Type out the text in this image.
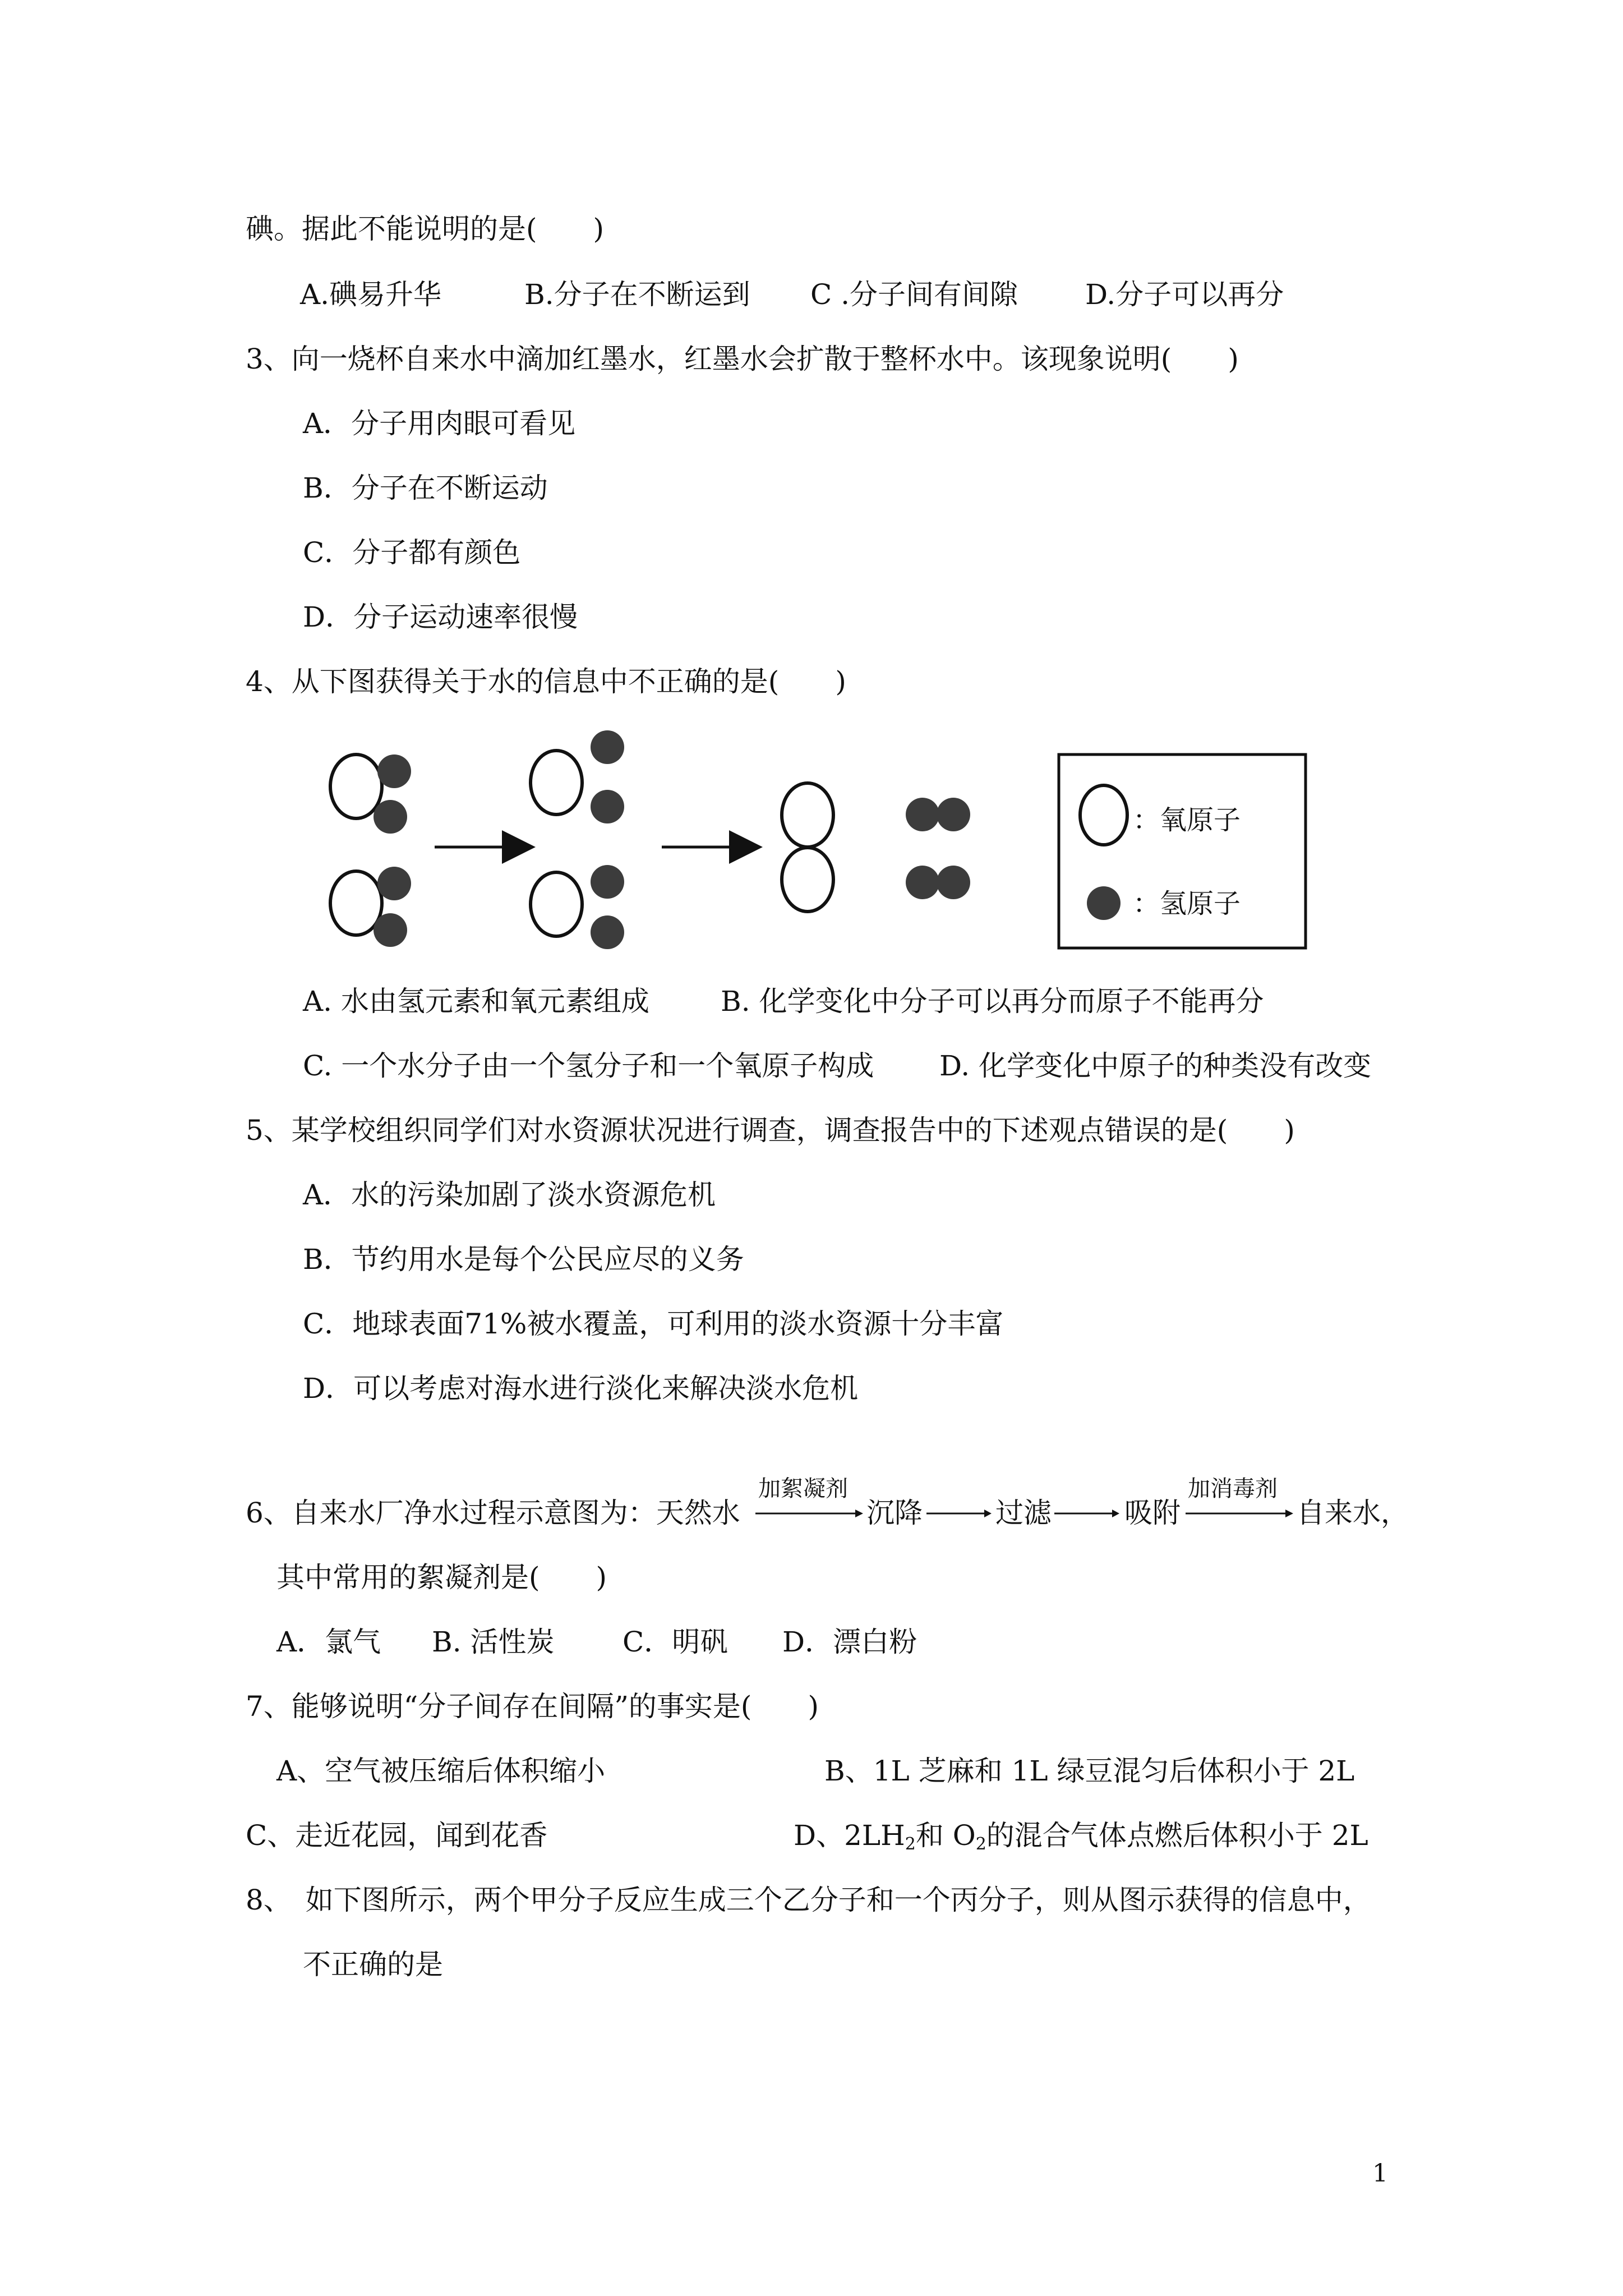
碘。据此不能说明的是(　　)
A.碘易升华	B.分子在不断运到 C .分子间有间隙 D.分子可以再分
3、向一烧杯自来水中滴加红墨水，红墨水会扩散于整杯水中。该现象说明(　　)
A．分子用肉眼可看见
B．分子在不断运动
C．分子都有颜色
D．分子运动速率很慢
4、从下图获得关于水的信息中不正确的是(　　)
：氧原子
：氢原子
A. 水由氢元素和氧元素组成	B. 化学变化中分子可以再分而原子不能再分
C. 一个水分子由一个氢分子和一个氧原子构成 D. 化学变化中原子的种类没有改变
5、某学校组织同学们对水资源状况进行调查，调查报告中的下述观点错误的是(　　)
A．水的污染加剧了淡水资源危机
B．节约用水是每个公民应尽的义务
C．地球表面71%被水覆盖，可利用的淡水资源十分丰富
D．可以考虑对海水进行淡化来解决淡水危机
6、自来水厂净水过程示意图为：天然水
加絮凝剂
沉降	过滤	吸附
加消毒剂
自来水，
其中常用的絮凝剂是(　　)
A．氯气 B. 活性炭 C．明矾 D．漂白粉
7、能够说明“分子间存在间隔”的事实是(　　)
A、空气被压缩后体积缩小	B、1L 芝麻和 1L 绿豆混匀后体积小于 2L
C、走近花园，闻到花香	D、$2LH_2$和 $O_2$的混合气体点燃后体积小于 2L
8、　如下图所示，两个甲分子反应生成三个乙分子和一个丙分子，则从图示获得的信息中，
不正确的是
1
